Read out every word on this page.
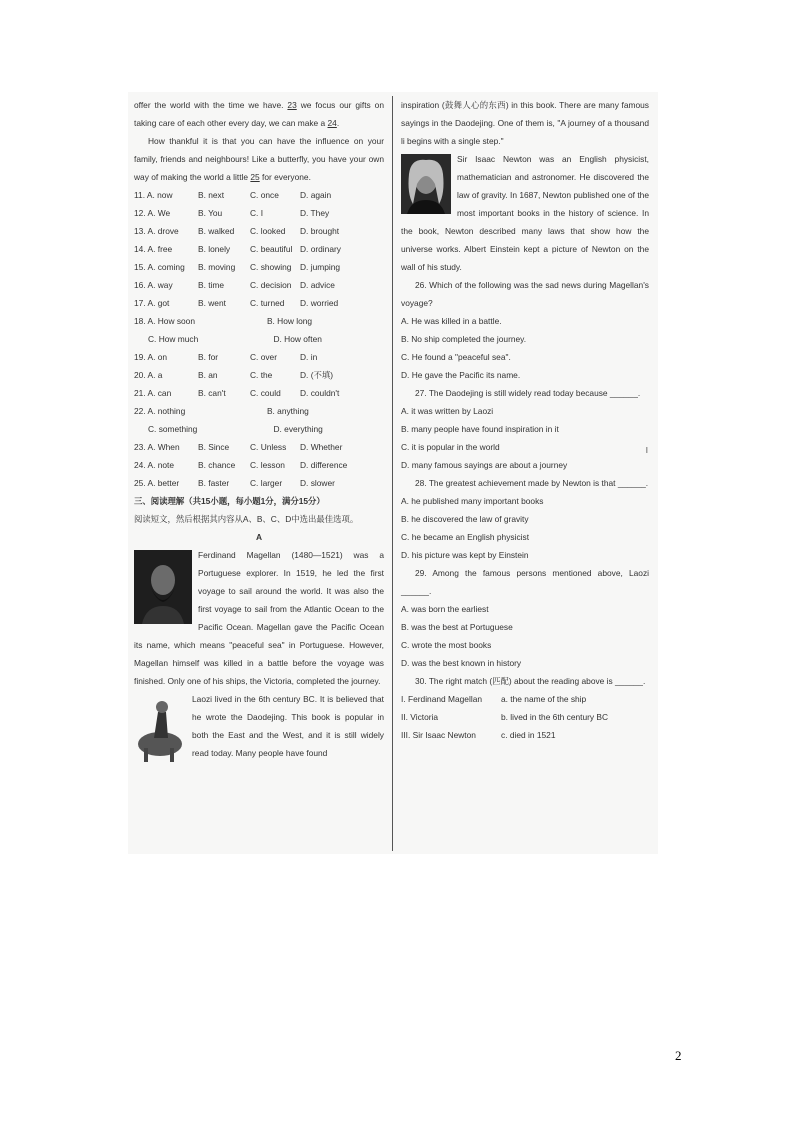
offer the world with the time we have. 23 we focus our gifts on taking care of each other every day, we can make a 24.

How thankful it is that you can have the influence on your family, friends and neighbours! Like a butterfly, you have your own way of making the world a little 25 for everyone.

11. A. now	B. next	C. once	D. again
12. A. We	B. You	C. I	D. They
13. A. drove	B. walked	C. looked	D. brought
14. A. free	B. lonely	C. beautiful D. ordinary
15. A. coming	B. moving	C. showing	D. jumping
16. A. way	B. time	C. decision	D. advice
17. A. got	B. went	C. turned	D. worried
18. A. How soon	B. How long
C. How much	D. How often
19. A. on	B. for	C. over	D. in
20. A. a	B. an	C. the	D. (不填)
21. A. can	B. can't	C. could	D. couldn't
22. A. nothing	B. anything
C. something	D. everything
23. A. When	B. Since	C. Unless	D. Whether
24. A. note	B. chance	C. lesson	D. difference
25. A. better	B. faster	C. larger	D. slower

三、阅读理解（共15小题，每小题1分，满分15分）

阅读短文，然后根据其内容从A、B、C、D中选出最佳选项。

A

Ferdinand Magellan (1480—1521) was a Portuguese explorer. In 1519, he led the first voyage to sail around the world. It was also the first voyage to sail from the Atlantic Ocean to the Pacific Ocean. Magellan gave the Pacific Ocean its name, which means "peaceful sea" in Portuguese. However, Magellan himself was killed in a battle before the voyage was finished. Only one of his ships, the Victoria, completed the journey.

Laozi lived in the 6th century BC. It is believed that he wrote the Daodejing. This book is popular in both the East and the West, and it is still widely read today. Many people have found

inspiration (鼓舞人心的东西) in this book. There are many famous sayings in the Daodejing. One of them is, "A journey of a thousand li begins with a single step."

Sir Isaac Newton was an English physicist, mathematician and astronomer. He discovered the law of gravity. In 1687, Newton published one of the most important books in the history of science. In the book, Newton described many laws that show how the universe works. Albert Einstein kept a picture of Newton on the wall of his study.

26. Which of the following was the sad news during Magellan's voyage?

A. He was killed in a battle.

B. No ship completed the journey.

C. He found a "peaceful sea".

D. He gave the Pacific its name.

27. The Daodejing is still widely read today because ______.

A. it was written by Laozi

B. many people have found inspiration in it

C. it is popular in the world

D. many famous sayings are about a journey

28. The greatest achievement made by Newton is that ______.

A. he published many important books

B. he discovered the law of gravity

C. he became an English physicist

D. his picture was kept by Einstein

29. Among the famous persons mentioned above, Laozi ______.

A. was born the earliest

B. was the best at Portuguese

C. wrote the most books

D. was the best known in history

30. The right match (匹配) about the reading above is ______.

I. Ferdinand Magellan	a. the name of the ship
II. Victoria	b. lived in the 6th century BC
III. Sir Isaac Newton	c. died in 1521
I
2
